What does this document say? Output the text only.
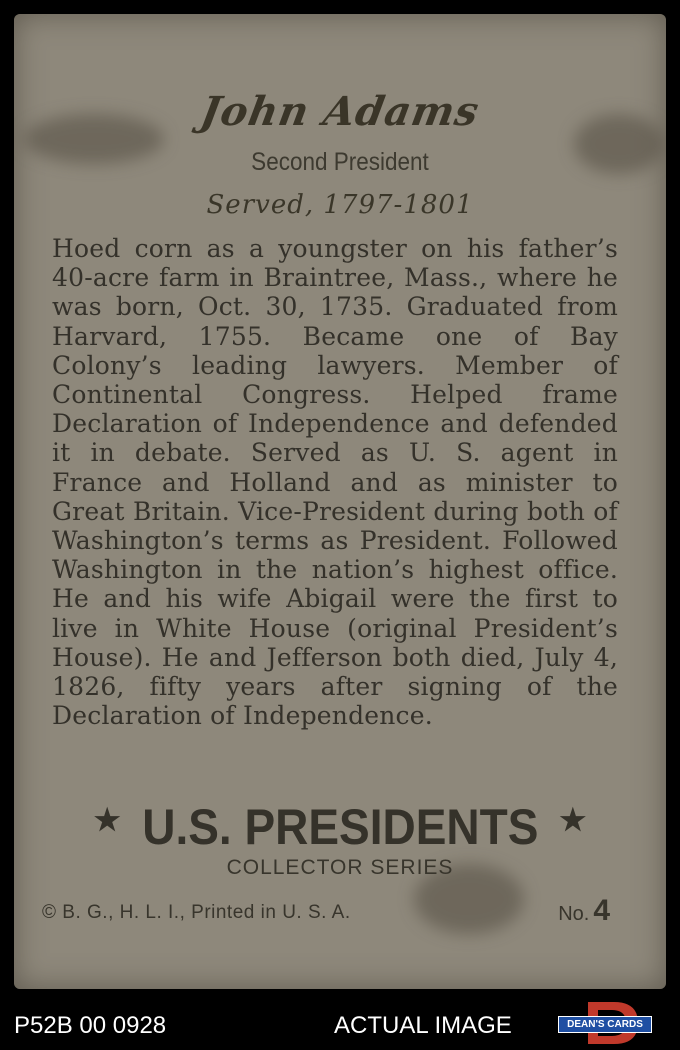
John Adams
Second President
Served, 1797-1801
Hoed corn as a youngster on his father’s 40-acre farm in Braintree, Mass., where he was born, Oct. 30, 1735. Graduated from Harvard, 1755. Became one of Bay Colony’s leading lawyers. Member of Continental Congress. Helped frame Declaration of Independence and defended it in debate. Served as U. S. agent in France and Holland and as minister to Great Britain. Vice-President during both of Washington’s terms as President. Followed Washington in the nation’s highest office. He and his wife Abigail were the first to live in White House (original President’s House). He and Jefferson both died, July 4, 1826, fifty years after signing of the Declaration of Independence.
★ U.S. PRESIDENTS ★
COLLECTOR SERIES
© B. G., H. L. I., Printed in U. S. A.	No. 4
P52B 00 0928	ACTUAL IMAGE	DEAN'S CARDS
